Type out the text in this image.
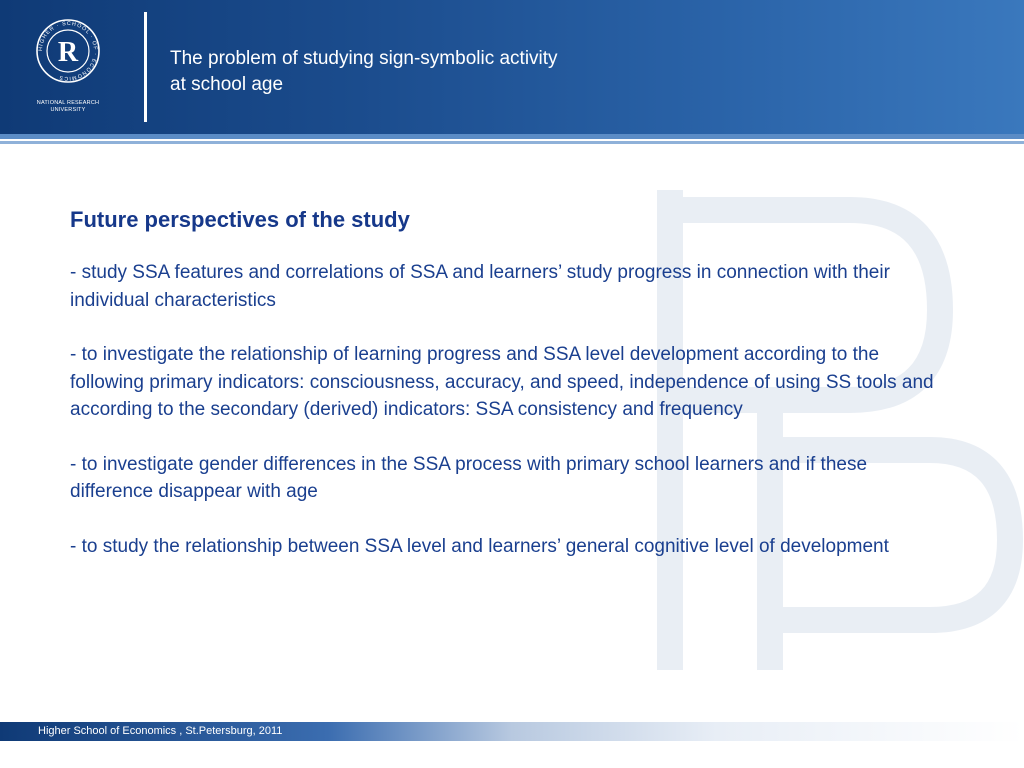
HIGHER · SCHOOL · OF · ECONOMICS
R
NATIONAL RESEARCH
UNIVERSITY
The problem of studying sign-symbolic activity
at school age
Future perspectives of the study
- study SSA features and correlations of SSA and learners’ study progress in connection with their individual characteristics
- to investigate the relationship of learning progress and SSA level development according to the following primary indicators: consciousness, accuracy, and speed, independence of using SS tools and according to the secondary (derived) indicators: SSA consistency and frequency
- to investigate gender differences in the SSA process with primary school learners and if these difference disappear with age
- to study the relationship between SSA level and learners’ general cognitive level of development
Higher School of Economics , St.Petersburg, 2011
